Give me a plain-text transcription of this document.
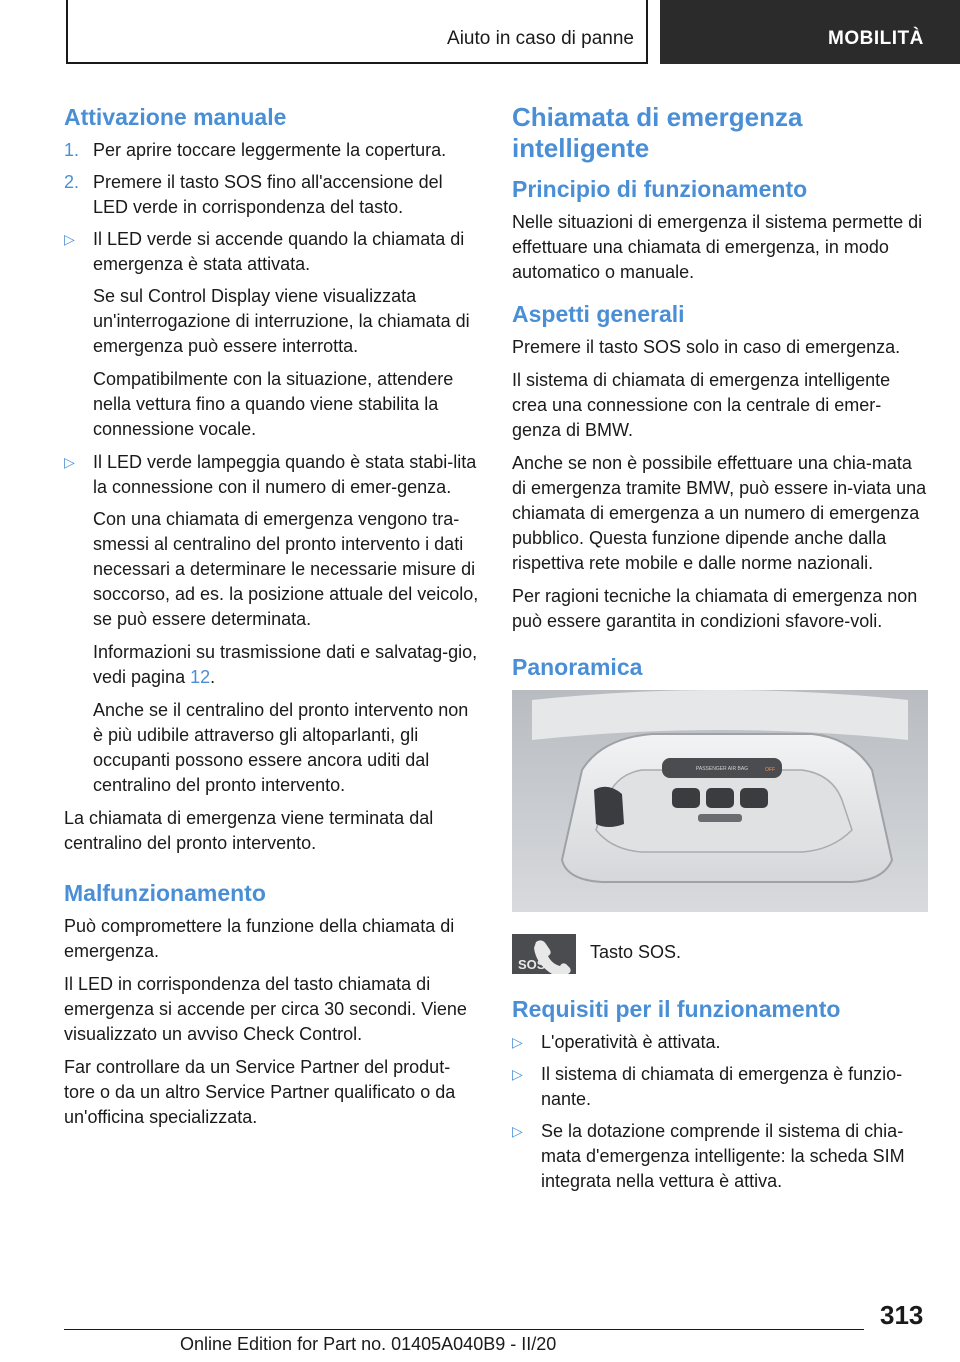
Aiuto in caso di panne	MOBILITÀ
Attivazione manuale
1. Per aprire toccare leggermente la copertura.
2. Premere il tasto SOS fino all'accensione del LED verde in corrispondenza del tasto.
▷	Il LED verde si accende quando la chiamata di emergenza è stata attivata.

Se sul Control Display viene visualizzata un'interrogazione di interruzione, la chiamata di emergenza può essere interrotta.

Compatibilmente con la situazione, attendere nella vettura fino a quando viene stabilita la connessione vocale.

▷	Il LED verde lampeggia quando è stata stabi-lita la connessione con il numero di emer-genza.

Con una chiamata di emergenza vengono tra-smessi al centralino del pronto intervento i dati necessari a determinare le necessarie misure di soccorso, ad es. la posizione attuale del veicolo, se può essere determinata.

Informazioni su trasmissione dati e salvatag-gio, vedi pagina 12.

Anche se il centralino del pronto intervento non è più udibile attraverso gli altoparlanti, gli occupanti possono essere ancora uditi dal centralino del pronto intervento.

La chiamata di emergenza viene terminata dal centralino del pronto intervento.

Malfunzionamento

Può compromettere la funzione della chiamata di emergenza.

Il LED in corrispondenza del tasto chiamata di emergenza si accende per circa 30 secondi. Viene visualizzato un avviso Check Control.

Far controllare da un Service Partner del produt-tore o da un altro Service Partner qualificato o da un'officina specializzata.

Chiamata di emergenza intelligente
Principio di funzionamento

Nelle situazioni di emergenza il sistema permette di effettuare una chiamata di emergenza, in modo automatico o manuale.

Aspetti generali

Premere il tasto SOS solo in caso di emergenza.

Il sistema di chiamata di emergenza intelligente crea una connessione con la centrale di emer-genza di BMW.

Anche se non è possibile effettuare una chia-mata di emergenza tramite BMW, può essere in-viata una chiamata di emergenza a un numero di emergenza pubblico. Questa funzione dipende anche dalla rispettiva rete mobile e dalle norme nazionali.

Per ragioni tecniche la chiamata di emergenza non può essere garantita in condizioni sfavore-voli.

Panoramica
PASSENGER AIR BAG	OFF
SOS

Tasto SOS.

Requisiti per il funzionamento
▷	L'operatività è attivata.
▷	Il sistema di chiamata di emergenza è funzio-nante.
▷	Se la dotazione comprende il sistema di chia-mata d'emergenza intelligente: la scheda SIM integrata nella vettura è attiva.
313
Online Edition for Part no. 01405A040B9 - II/20
